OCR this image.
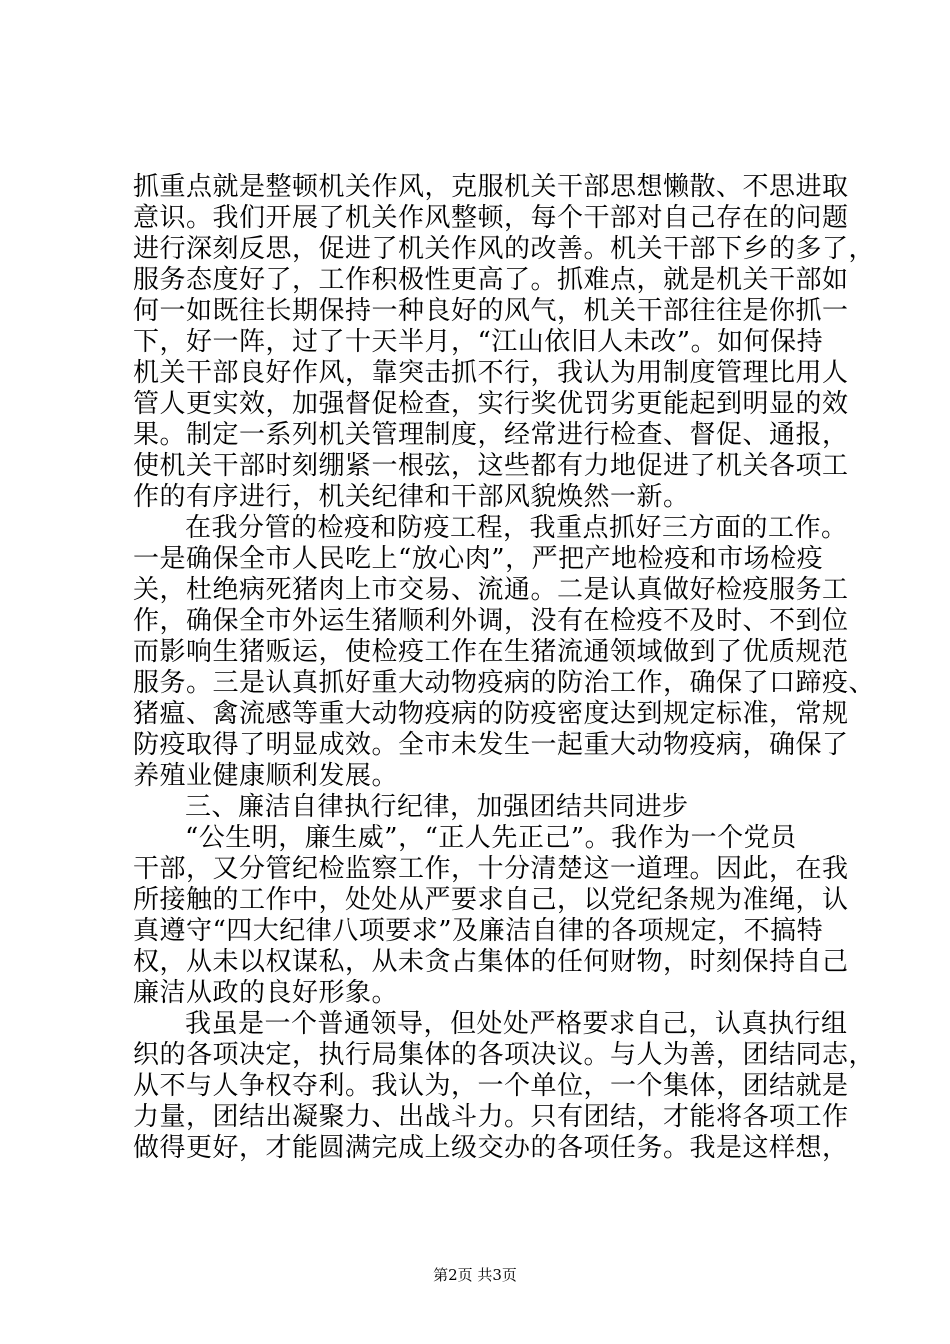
抓重点就是整顿机关作风，克服机关干部思想懒散、不思进取
意识。我们开展了机关作风整顿，每个干部对自己存在的问题
进行深刻反思，促进了机关作风的改善。机关干部下乡的多了，
服务态度好了，工作积极性更高了。抓难点，就是机关干部如
何一如既往长期保持一种良好的风气，机关干部往往是你抓一
下，好一阵，过了十天半月，“江山依旧人未改”。如何保持
机关干部良好作风，靠突击抓不行，我认为用制度管理比用人
管人更实效，加强督促检查，实行奖优罚劣更能起到明显的效
果。制定一系列机关管理制度，经常进行检查、督促、通报，
使机关干部时刻绷紧一根弦，这些都有力地促进了机关各项工
作的有序进行，机关纪律和干部风貌焕然一新。
在我分管的检疫和防疫工程，我重点抓好三方面的工作。
一是确保全市人民吃上“放心肉”，严把产地检疫和市场检疫
关，杜绝病死猪肉上市交易、流通。二是认真做好检疫服务工
作，确保全市外运生猪顺利外调，没有在检疫不及时、不到位
而影响生猪贩运，使检疫工作在生猪流通领域做到了优质规范
服务。三是认真抓好重大动物疫病的防治工作，确保了口蹄疫、
猪瘟、禽流感等重大动物疫病的防疫密度达到规定标准，常规
防疫取得了明显成效。全市未发生一起重大动物疫病，确保了
养殖业健康顺利发展。
三、廉洁自律执行纪律，加强团结共同进步
“公生明，廉生威”，“正人先正己”。我作为一个党员
干部，又分管纪检监察工作，十分清楚这一道理。因此，在我
所接触的工作中，处处从严要求自己，以党纪条规为准绳，认
真遵守“四大纪律八项要求”及廉洁自律的各项规定，不搞特
权，从未以权谋私，从未贪占集体的任何财物，时刻保持自己
廉洁从政的良好形象。
我虽是一个普通领导，但处处严格要求自己，认真执行组
织的各项决定，执行局集体的各项决议。与人为善，团结同志，
从不与人争权夺利。我认为，一个单位，一个集体，团结就是
力量，团结出凝聚力、出战斗力。只有团结，才能将各项工作
做得更好，才能圆满完成上级交办的各项任务。我是这样想，
第2页 共3页
